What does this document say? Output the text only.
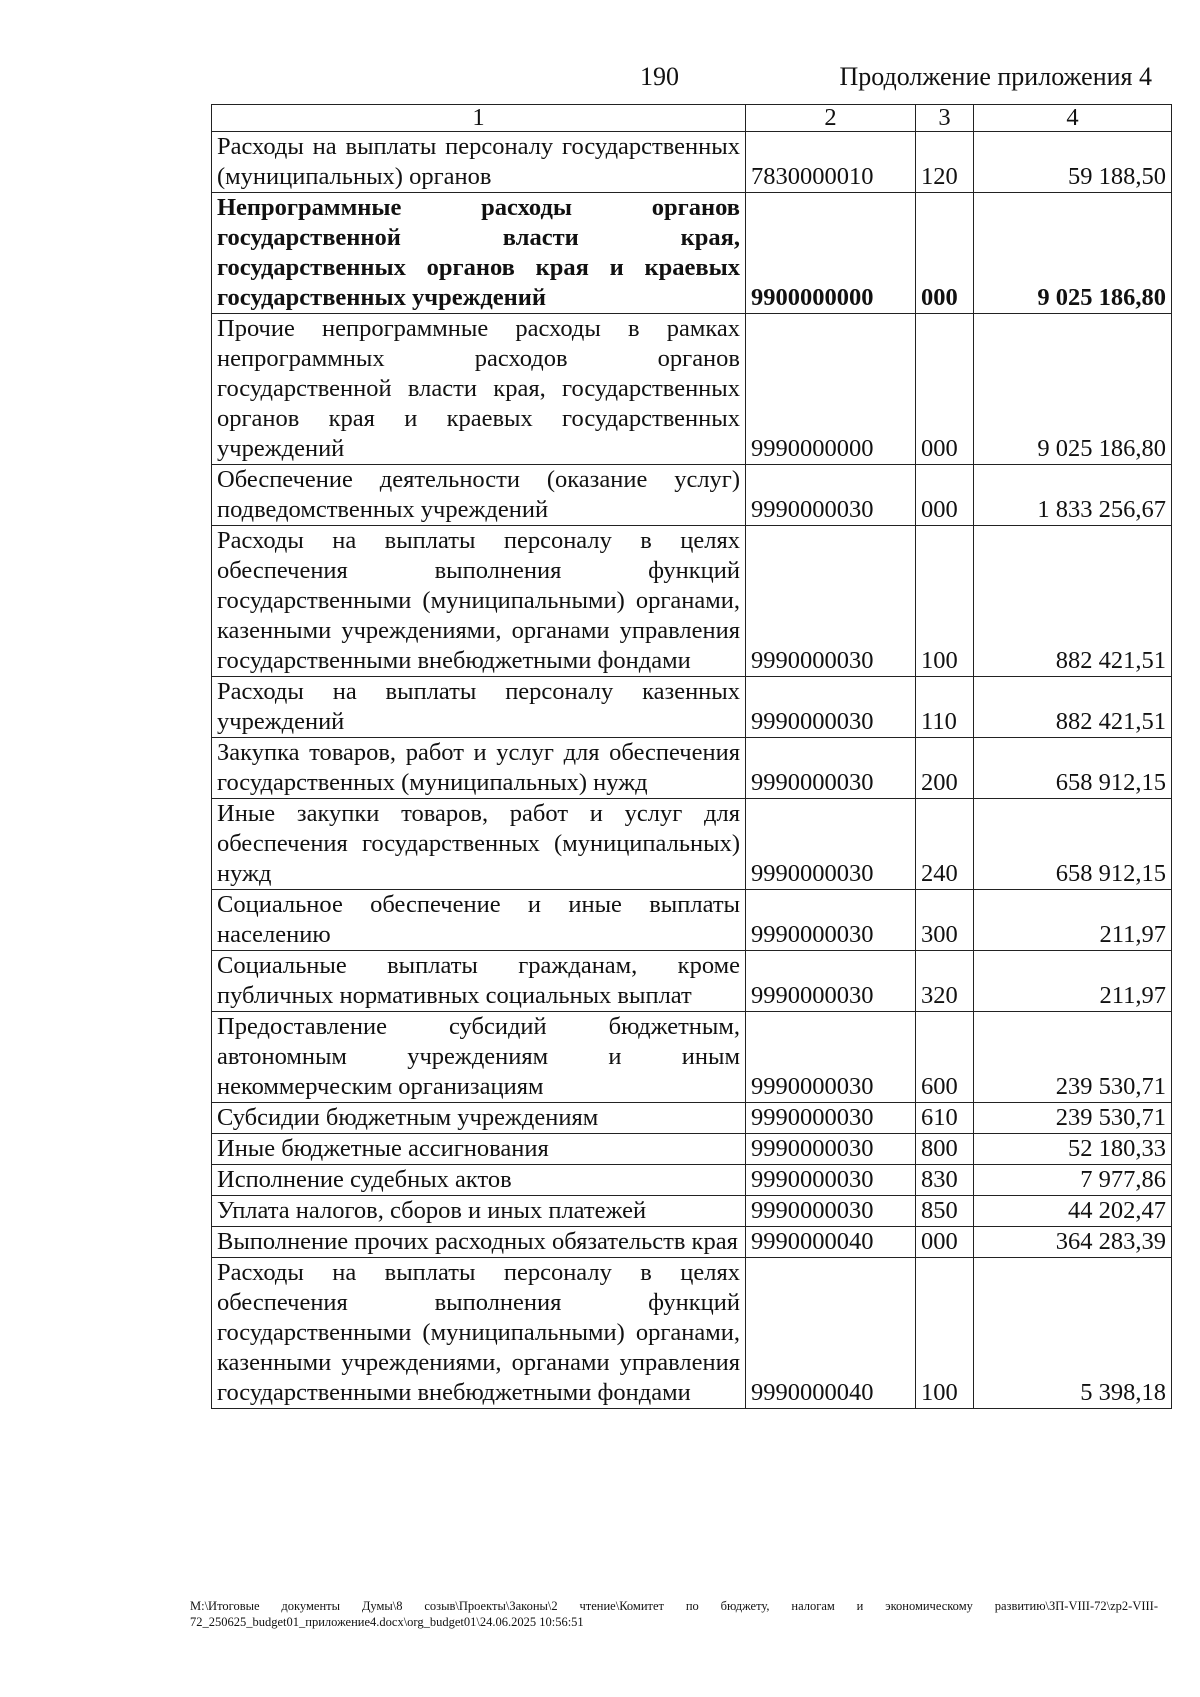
190	Продолжение приложения 4
1	2	3	4
Расходы на выплаты персоналу государственных (муниципальных) органов	7830000010	120	59 188,50
Непрограммные расходы органов государственной власти края, государственных органов края и краевых государственных учреждений	9900000000	000	9 025 186,80
Прочие непрограммные расходы в рамках непрограммных расходов органов государственной власти края, государственных органов края и краевых государственных учреждений	9990000000	000	9 025 186,80
Обеспечение деятельности (оказание услуг) подведомственных учреждений	9990000030	000	1 833 256,67
Расходы на выплаты персоналу в целях обеспечения выполнения функций государственными (муниципальными) органами, казенными учреждениями, органами управления государственными внебюджетными фондами	9990000030	100	882 421,51
Расходы на выплаты персоналу казенных учреждений	9990000030	110	882 421,51
Закупка товаров, работ и услуг для обеспечения государственных (муниципальных) нужд	9990000030	200	658 912,15
Иные закупки товаров, работ и услуг для обеспечения государственных (муниципальных) нужд	9990000030	240	658 912,15
Социальное обеспечение и иные выплаты населению	9990000030	300	211,97
Социальные выплаты гражданам, кроме публичных нормативных социальных выплат	9990000030	320	211,97
Предоставление субсидий бюджетным, автономным учреждениям и иным некоммерческим организациям	9990000030	600	239 530,71
Субсидии бюджетным учреждениям	9990000030	610	239 530,71
Иные бюджетные ассигнования	9990000030	800	52 180,33
Исполнение судебных актов	9990000030	830	7 977,86
Уплата налогов, сборов и иных платежей	9990000030	850	44 202,47
Выполнение прочих расходных обязательств края	9990000040	000	364 283,39
Расходы на выплаты персоналу в целях обеспечения выполнения функций государственными (муниципальными) органами, казенными учреждениями, органами управления государственными внебюджетными фондами	9990000040	100	5 398,18
М:\Итоговые документы Думы\8 созыв\Проекты\Законы\2 чтение\Комитет по бюджету, налогам и экономическому развитию\ЗП-VIII-72\zp2-VIII-72_250625_budget01_приложение4.docx\org_budget01\24.06.2025 10:56:51
